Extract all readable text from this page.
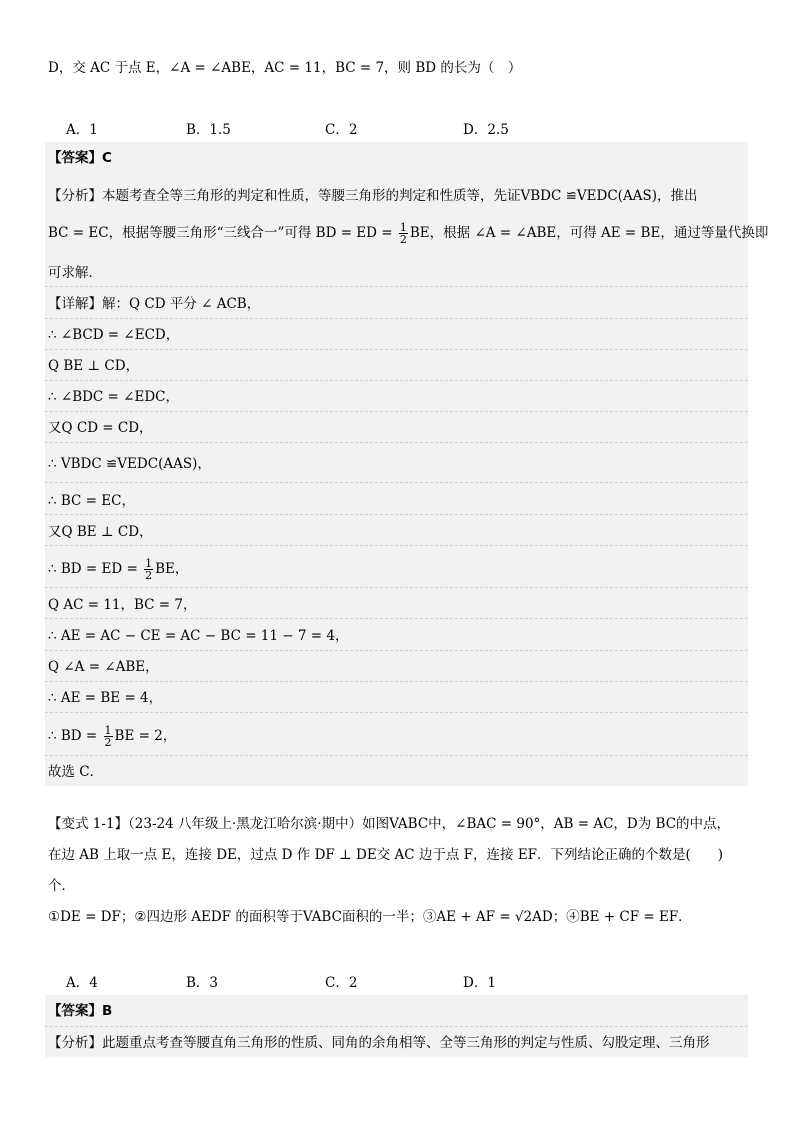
D，交 AC 于点 E，∠A = ∠ABE，AC = 11，BC = 7，则 BD 的长为（　）
A．1	B．1.5	C．2	D．2.5
【答案】C
【分析】本题考查全等三角形的判定和性质，等腰三角形的判定和性质等，先证VBDC ≌VEDC(AAS)，推出
BC = EC，根据等腰三角形“三线合一”可得 BD = ED = $\frac{1}{2}$ BE，根据 ∠A = ∠ABE，可得 AE = BE，通过等量代换即
可求解．
【详解】解：Q CD 平分 ∠ ACB，
∴ ∠BCD = ∠ECD，
Q BE ⊥ CD，
∴ ∠BDC = ∠EDC，
又Q CD = CD，
∴ VBDC ≌VEDC(AAS)，
∴ BC = EC，
又Q BE ⊥ CD，
∴ BD = ED = $\frac{1}{2}$ BE，
Q AC = 11，BC = 7，
∴ AE = AC − CE = AC − BC = 11 − 7 = 4，
Q ∠A = ∠ABE，
∴ AE = BE = 4，
∴ BD = $\frac{1}{2}$ BE = 2，
故选 C．
【变式 1-1】（23-24 八年级上·黑龙江哈尔滨·期中）如图VABC中，∠BAC = 90°，AB = AC，D为 BC的中点，
在边 AB 上取一点 E，连接 DE，过点 D 作 DF ⊥ DE交 AC 边于点 F，连接 EF．下列结论正确的个数是(　　)
个．
①DE = DF；②四边形 AEDF 的面积等于VABC面积的一半；③AE + AF = √2AD；④BE + CF = EF．
A．4	B．3	C．2	D．1
【答案】B
【分析】此题重点考查等腰直角三角形的性质、同角的余角相等、全等三角形的判定与性质、勾股定理、三角形
